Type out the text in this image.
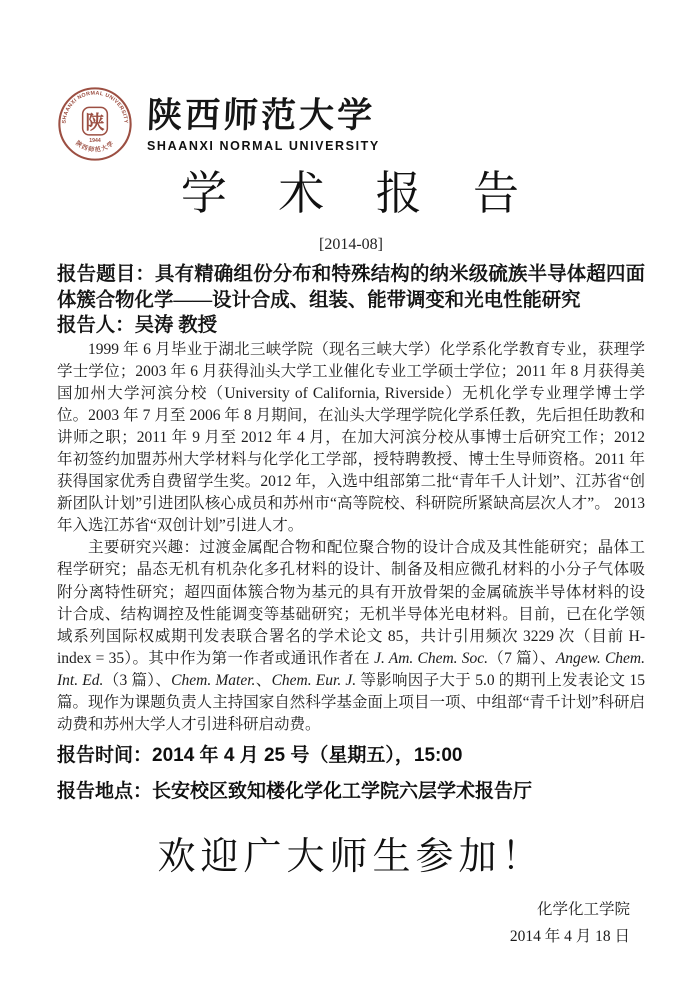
SHAANXI NORMAL UNIVERSITY
陕西师范大学
陕
1944
陕西师范大学
SHAANXI NORMAL UNIVERSITY
学 术 报 告
[2014-08]
报告题目：具有精确组份分布和特殊结构的纳米级硫族半导体超四面体簇合物化学——设计合成、组装、能带调变和光电性能研究
报告人：吴涛 教授

1999 年 6 月毕业于湖北三峡学院（现名三峡大学）化学系化学教育专业，获理学学士学位；2003 年 6 月获得汕头大学工业催化专业工学硕士学位；2011 年 8 月获得美国加州大学河滨分校（University of California, Riverside）无机化学专业理学博士学位。2003 年 7 月至 2006 年 8 月期间，在汕头大学理学院化学系任教，先后担任助教和讲师之职；2011 年 9 月至 2012 年 4 月，在加大河滨分校从事博士后研究工作；2012 年初签约加盟苏州大学材料与化学化工学部，授特聘教授、博士生导师资格。2011 年获得国家优秀自费留学生奖。2012 年，入选中组部第二批“青年千人计划”、江苏省“创新团队计划”引进团队核心成员和苏州市“高等院校、科研院所紧缺高层次人才”。 2013 年入选江苏省“双创计划”引进人才。

主要研究兴趣：过渡金属配合物和配位聚合物的设计合成及其性能研究；晶体工程学研究；晶态无机有机杂化多孔材料的设计、制备及相应微孔材料的小分子气体吸附分离特性研究；超四面体簇合物为基元的具有开放骨架的金属硫族半导体材料的设计合成、结构调控及性能调变等基础研究；无机半导体光电材料。目前，已在化学领域系列国际权威期刊发表联合署名的学术论文 85，共计引用频次 3229 次（目前 H-index = 35）。其中作为第一作者或通讯作者在 J. Am. Chem. Soc.（7 篇）、Angew. Chem. Int. Ed.（3 篇）、Chem. Mater.、Chem. Eur. J. 等影响因子大于 5.0 的期刊上发表论文 15 篇。现作为课题负责人主持国家自然科学基金面上项目一项、中组部“青千计划”科研启动费和苏州大学人才引进科研启动费。

报告时间：2014 年 4 月 25 号（星期五），15:00
报告地点：长安校区致知楼化学化工学院六层学术报告厅
欢迎广大师生参加！
化学化工学院
2014 年 4 月 18 日
